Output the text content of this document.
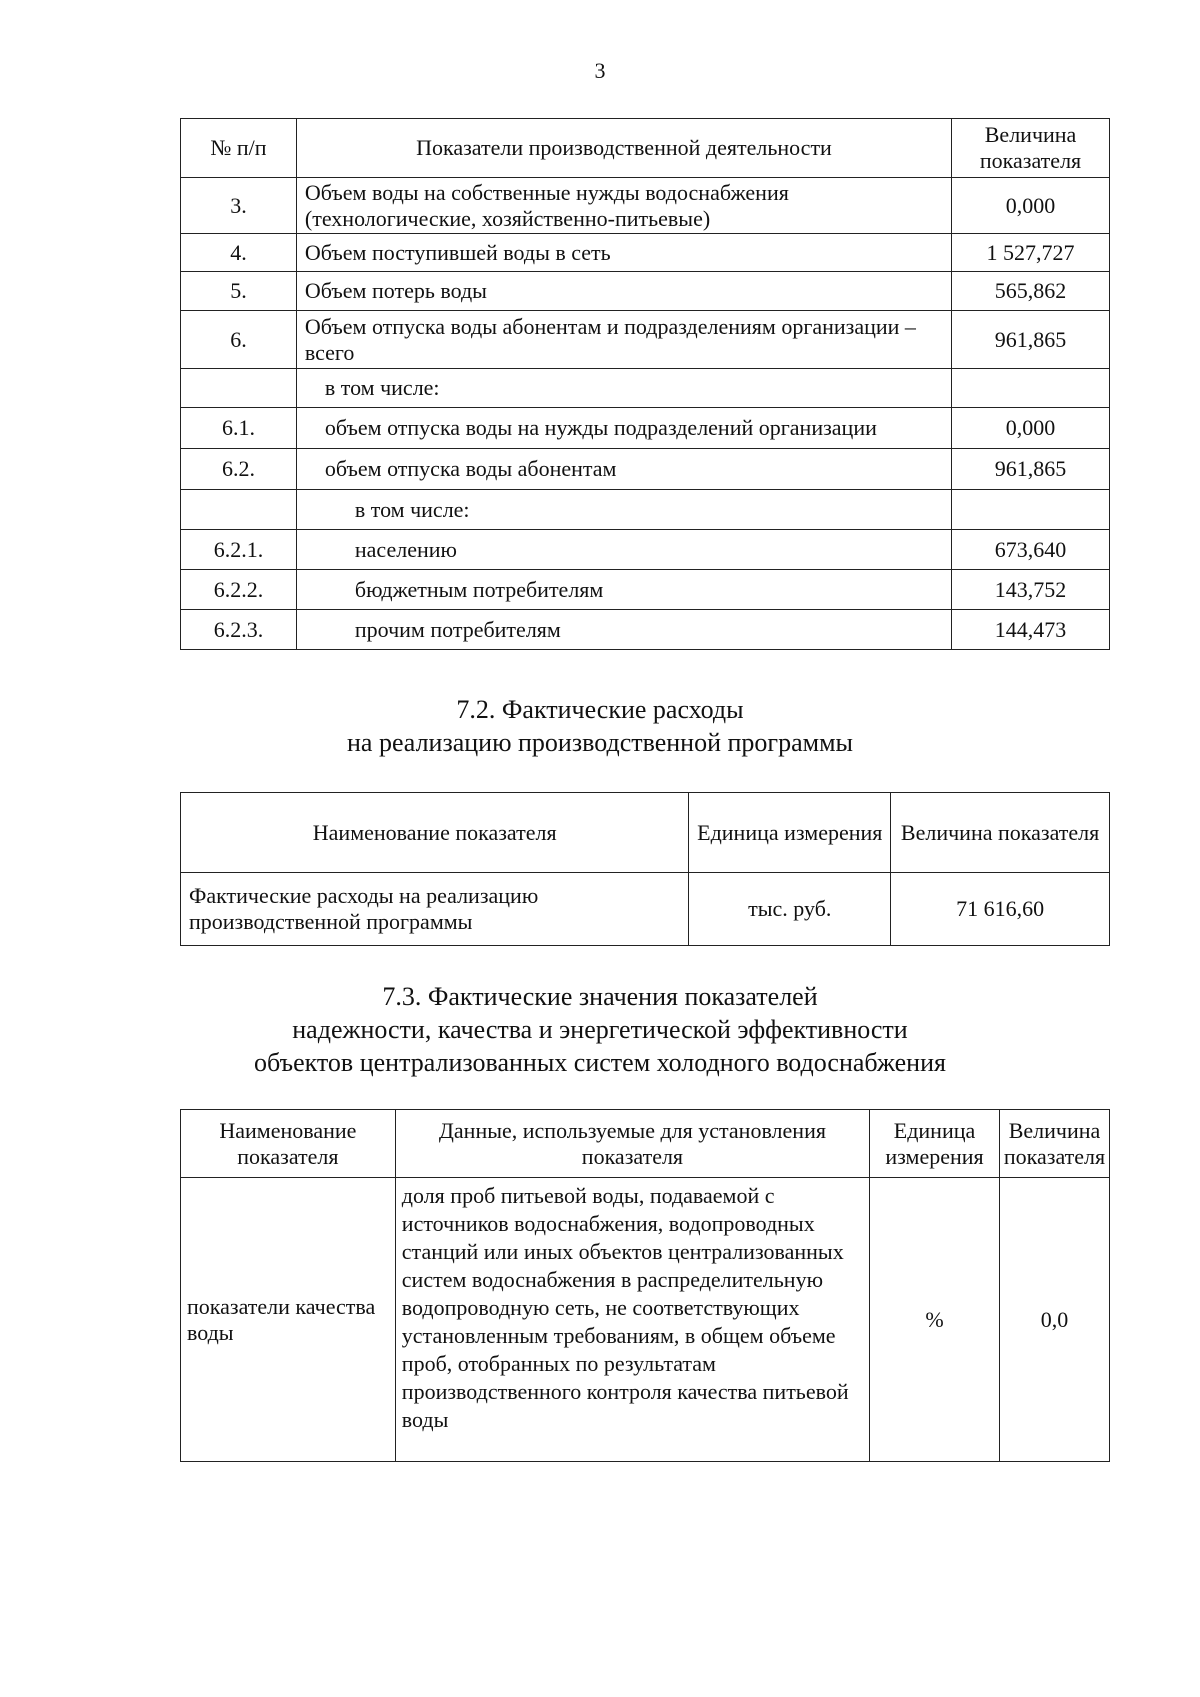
3
№ п/п	Показатели производственной деятельности	Величина показателя
3.	Объем воды на собственные нужды водоснабжения (технологические, хозяйственно-питьевые)	0,000
4.	Объем поступившей воды в сеть	1 527,727
5.	Объем потерь воды	565,862
6.	Объем отпуска воды абонентам и подразделениям организации – всего	961,865
	в том числе:	
6.1.	объем отпуска воды на нужды подразделений организации	0,000
6.2.	объем отпуска воды абонентам	961,865
	в том числе:	
6.2.1.	населению	673,640
6.2.2.	бюджетным потребителям	143,752
6.2.3.	прочим потребителям	144,473
7.2. Фактические расходы
на реализацию производственной программы
Наименование показателя	Единица измерения	Величина показателя
Фактические расходы на реализацию производственной программы	тыс. руб.	71 616,60
7.3. Фактические значения показателей
надежности, качества и энергетической эффективности
объектов централизованных систем холодного водоснабжения
Наименование показателя	Данные, используемые для установления показателя	Единица измерения	Величина показателя
показатели качества воды	доля проб питьевой воды, подаваемой с источников водоснабжения, водопроводных станций или иных объектов централизованных систем водоснабжения в распределительную водопроводную сеть, не соответствующих установленным требованиям, в общем объеме проб, отобранных по результатам производственного контроля качества питьевой воды	%	0,0
